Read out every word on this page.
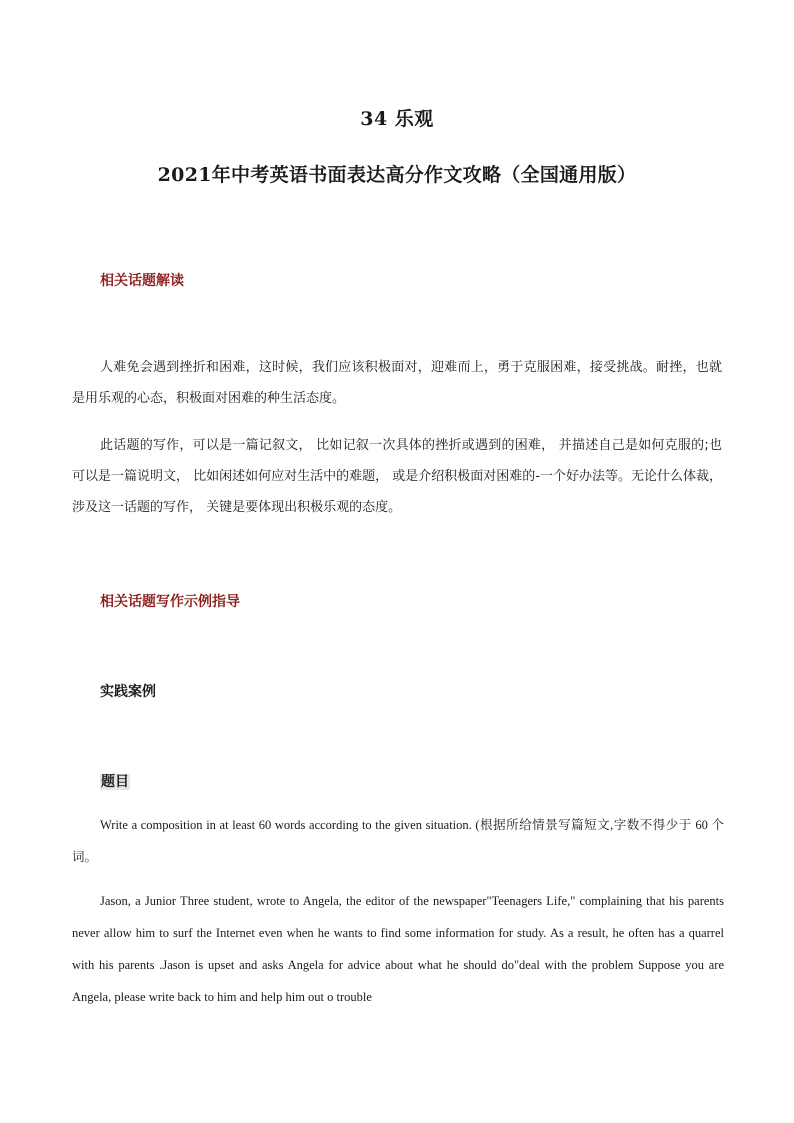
34 乐观
2021年中考英语书面表达高分作文攻略（全国通用版）
相关话题解读
人难免会遇到挫折和困难，这时候，我们应该积极面对，迎难而上，勇于克服困难，接受挑战。耐挫，也就是用乐观的心态，积极面对困难的种生活态度。
此话题的写作，可以是一篇记叙文， 比如记叙一次具体的挫折或遇到的困难， 并描述自己是如何克服的;也可以是一篇说明文， 比如闲述如何应对生活中的难题， 或是介绍积极面对困难的-一个好办法等。无论什么体裁，涉及这一话题的写作， 关键是要体现出积极乐观的态度。
相关话题写作示例指导
实践案例
题目
Write a composition in at least 60 words according to the given situation. (根据所给情景写篇短文,字数不得少于 60 个词。
Jason, a Junior Three student, wrote to Angela, the editor of the newspaper"Teenagers Life," complaining that his parents never allow him to surf the Internet even when he wants to find some information for study. As a result, he often has a quarrel with his parents .Jason is upset and asks Angela for advice about what he should do"deal with the problem Suppose you are Angela, please write back to him and help him out o trouble
